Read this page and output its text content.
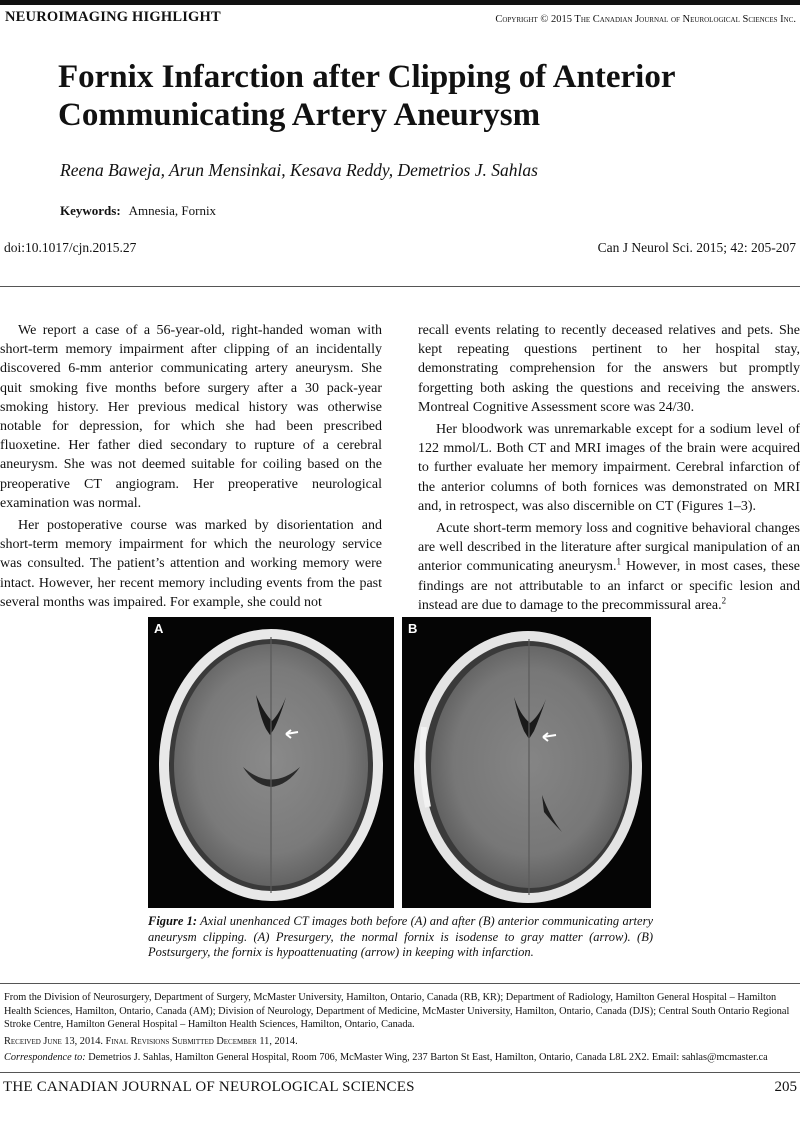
NEUROIMAGING HIGHLIGHT	Copyright © 2015 The Canadian Journal of Neurological Sciences Inc.
Fornix Infarction after Clipping of Anterior Communicating Artery Aneurysm
Reena Baweja, Arun Mensinkai, Kesava Reddy, Demetrios J. Sahlas
Keywords: Amnesia, Fornix
doi:10.1017/cjn.2015.27	Can J Neurol Sci. 2015; 42: 205-207

We report a case of a 56-year-old, right-handed woman with short-term memory impairment after clipping of an incidentally discovered 6-mm anterior communicating artery aneurysm. She quit smoking five months before surgery after a 30 pack-year smoking history. Her previous medical history was otherwise notable for depression, for which she had been prescribed fluoxetine. Her father died secondary to rupture of a cerebral aneurysm. She was not deemed suitable for coiling based on the preoperative CT angiogram. Her preoperative neurological examination was normal.

Her postoperative course was marked by disorientation and short-term memory impairment for which the neurology service was consulted. The patient’s attention and working memory were intact. However, her recent memory including events from the past several months was impaired. For example, she could not

recall events relating to recently deceased relatives and pets. She kept repeating questions pertinent to her hospital stay, demonstrating comprehension for the answers but promptly forgetting both asking the questions and receiving the answers. Montreal Cognitive Assessment score was 24/30.

Her bloodwork was unremarkable except for a sodium level of 122 mmol/L. Both CT and MRI images of the brain were acquired to further evaluate her memory impairment. Cerebral infarction of the anterior columns of both fornices was demonstrated on MRI and, in retrospect, was also discernible on CT (Figures 1–3).

Acute short-term memory loss and cognitive behavioral changes are well described in the literature after surgical manipulation of an anterior communicating aneurysm.$^1$ However, in most cases, these findings are not attributable to an infarct or specific lesion and instead are due to damage to the precommissural area.$^2$

A	B
Figure 1: Axial unenhanced CT images both before (A) and after (B) anterior communicating artery aneurysm clipping. (A) Presurgery, the normal fornix is isodense to gray matter (arrow). (B) Postsurgery, the fornix is hypoattenuating (arrow) in keeping with infarction.

From the Division of Neurosurgery, Department of Surgery, McMaster University, Hamilton, Ontario, Canada (RB, KR); Department of Radiology, Hamilton General Hospital – Hamilton Health Sciences, Hamilton, Ontario, Canada (AM); Division of Neurology, Department of Medicine, McMaster University, Hamilton, Ontario, Canada (DJS); Central South Ontario Regional Stroke Centre, Hamilton General Hospital – Hamilton Health Sciences, Hamilton, Ontario, Canada.

Received June 13, 2014. Final Revisions Submitted December 11, 2014.

Correspondence to: Demetrios J. Sahlas, Hamilton General Hospital, Room 706, McMaster Wing, 237 Barton St East, Hamilton, Ontario, Canada L8L 2X2. Email: sahlas@mcmaster.ca

THE CANADIAN JOURNAL OF NEUROLOGICAL SCIENCES	205
